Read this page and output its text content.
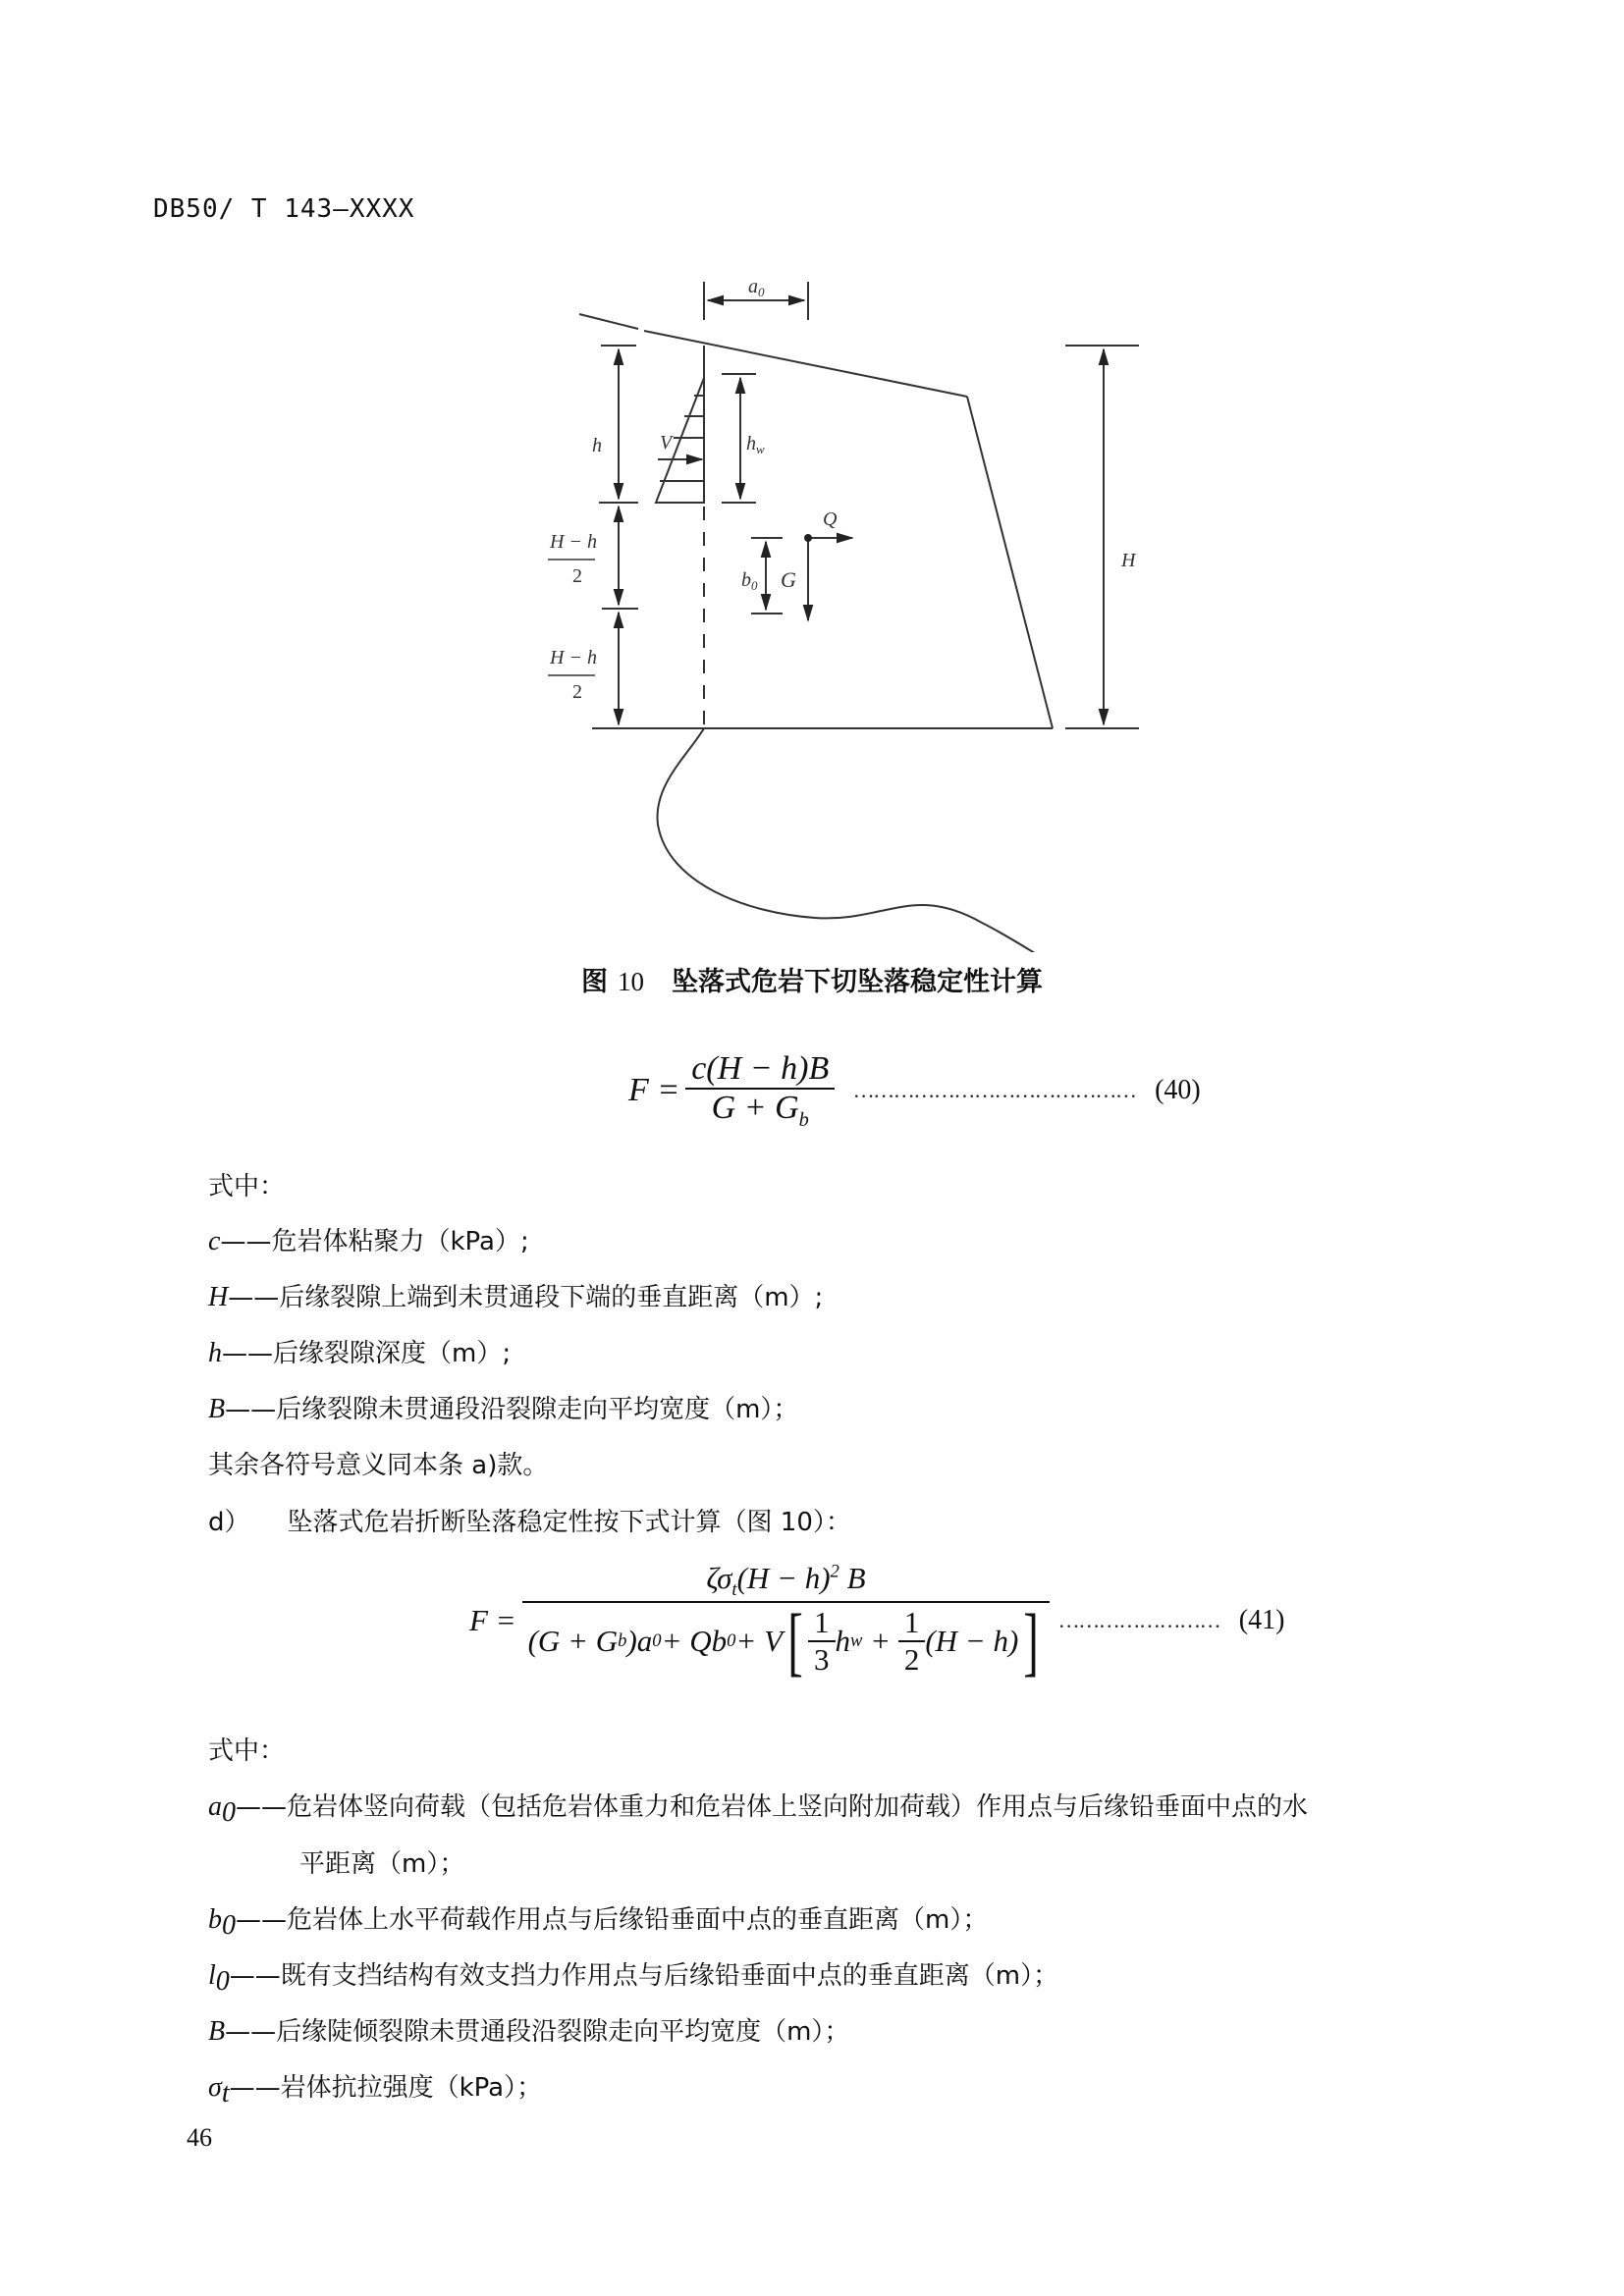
DB50/ T 143—XXXX
$a_0$
h	V	$h_w$
Q
G
$b_0$
H
H − h
2
H − h
2
图 10 坠落式危岩下切坠落稳定性计算
$F = \frac{c(H - h)B}{G + G_b}$ …………………………………… (40)
式中：
c——危岩体粘聚力（kPa）;
H——后缘裂隙上端到未贯通段下端的垂直距离（m）;
h——后缘裂隙深度（m）;
B——后缘裂隙未贯通段沿裂隙走向平均宽度（m）；
其余各符号意义同本条 a)款。
d） 坠落式危岩折断坠落稳定性按下式计算（图 10）：
F =
$\zeta\sigma_t(H - h)^2$ B
(G + G b )a 0 + Qb 0 + V [ $\frac{1}{3}$ h $w + \frac{1}{2} (H - h)$ ] …………………… (41)
式中：
$a_0——$危岩体竖向荷载（包括危岩体重力和危岩体上竖向附加荷载）作用点与后缘铅垂面中点的水
平距离（m）；
$b_0——$危岩体上水平荷载作用点与后缘铅垂面中点的垂直距离（m）；
$l_0——$既有支挡结构有效支挡力作用点与后缘铅垂面中点的垂直距离（m）；
B——后缘陡倾裂隙未贯通段沿裂隙走向平均宽度（m）；
$\sigma_t——$岩体抗拉强度（kPa）；
46
